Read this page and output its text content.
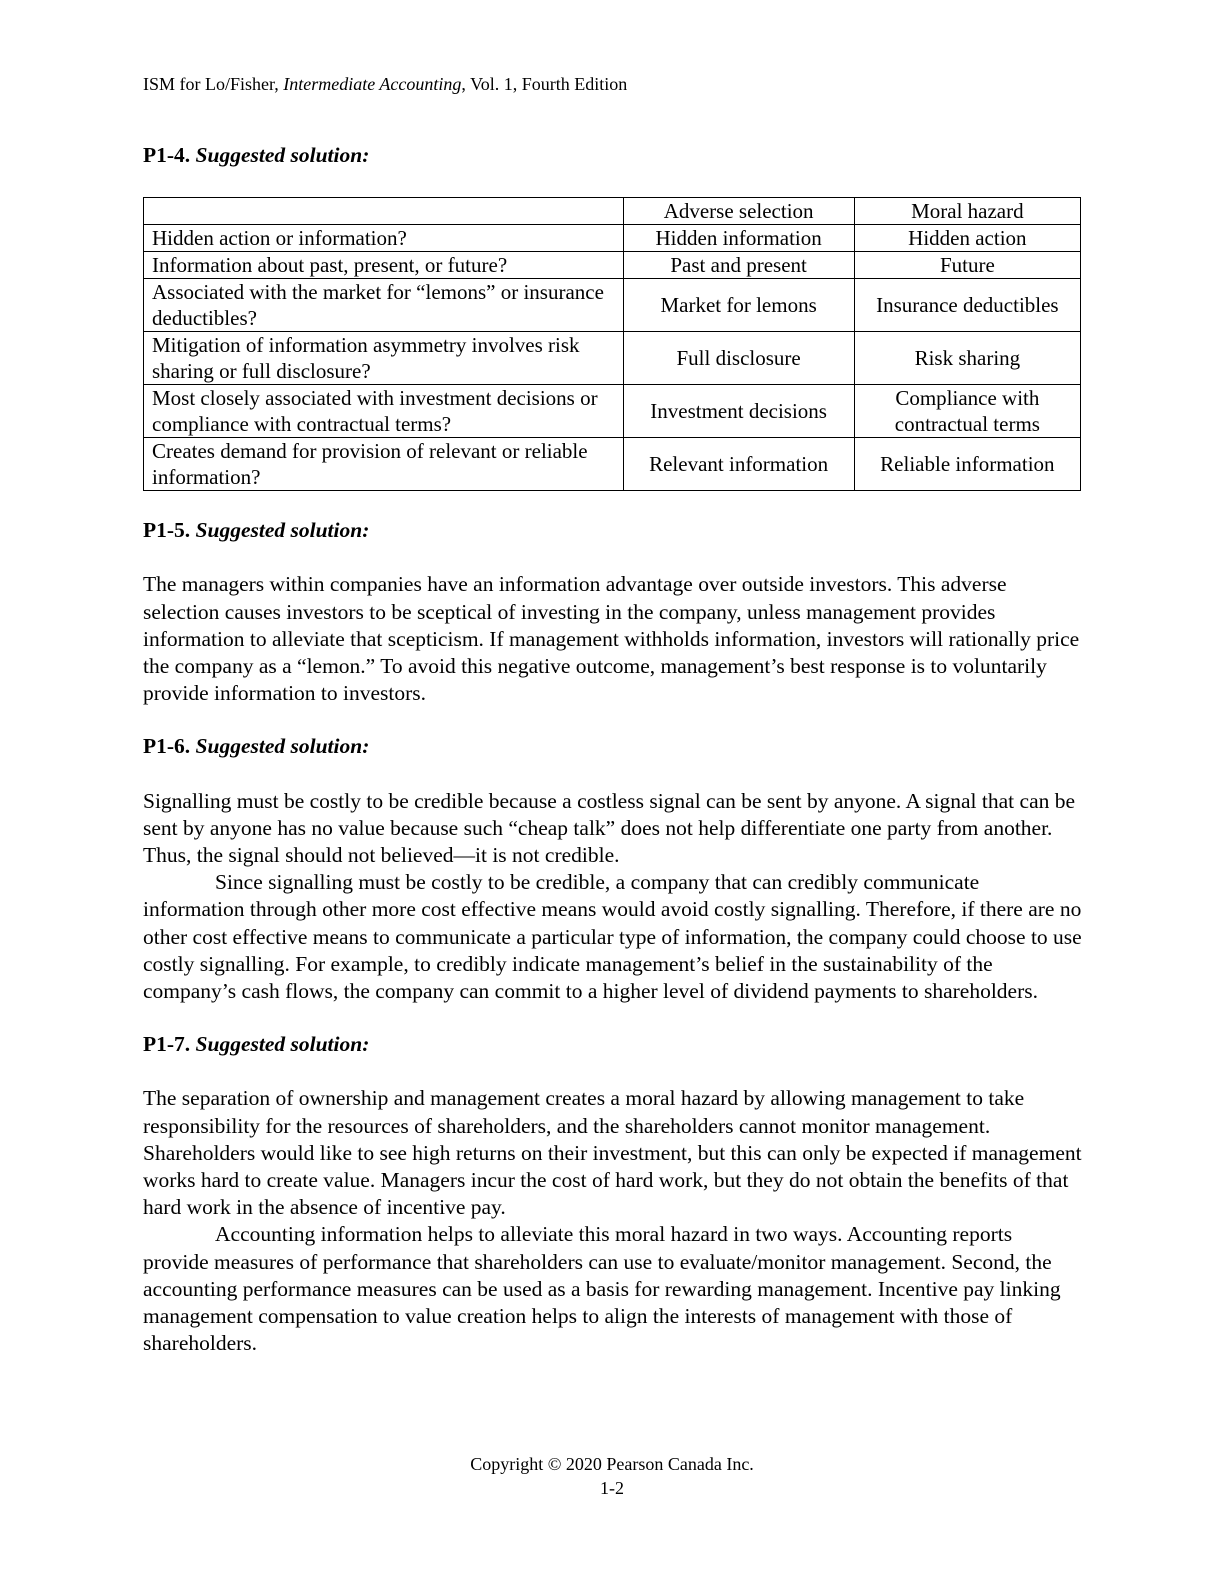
ISM for Lo/Fisher, Intermediate Accounting, Vol. 1, Fourth Edition

P1-4. Suggested solution:

	Adverse selection	Moral hazard
Hidden action or information?	Hidden information	Hidden action
Information about past, present, or future?	Past and present	Future
Associated with the market for “lemons” or insurance deductibles?	Market for lemons	Insurance deductibles
Mitigation of information asymmetry involves risk sharing or full disclosure?	Full disclosure	Risk sharing
Most closely associated with investment decisions or compliance with contractual terms?	Investment decisions	Compliance with contractual terms
Creates demand for provision of relevant or reliable information?	Relevant information	Reliable information

P1-5. Suggested solution:

The managers within companies have an information advantage over outside investors. This adverse selection causes investors to be sceptical of investing in the company, unless management provides information to alleviate that scepticism. If management withholds information, investors will rationally price the company as a “lemon.” To avoid this negative outcome, management’s best response is to voluntarily provide information to investors.

P1-6. Suggested solution:

Signalling must be costly to be credible because a costless signal can be sent by anyone. A signal that can be sent by anyone has no value because such “cheap talk” does not help differentiate one party from another. Thus, the signal should not believed—it is not credible.

Since signalling must be costly to be credible, a company that can credibly communicate information through other more cost effective means would avoid costly signalling. Therefore, if there are no other cost effective means to communicate a particular type of information, the company could choose to use costly signalling. For example, to credibly indicate management’s belief in the sustainability of the company’s cash flows, the company can commit to a higher level of dividend payments to shareholders.

P1-7. Suggested solution:

The separation of ownership and management creates a moral hazard by allowing management to take responsibility for the resources of shareholders, and the shareholders cannot monitor management. Shareholders would like to see high returns on their investment, but this can only be expected if management works hard to create value. Managers incur the cost of hard work, but they do not obtain the benefits of that hard work in the absence of incentive pay.

Accounting information helps to alleviate this moral hazard in two ways. Accounting reports provide measures of performance that shareholders can use to evaluate/monitor management. Second, the accounting performance measures can be used as a basis for rewarding management. Incentive pay linking management compensation to value creation helps to align the interests of management with those of shareholders.

Copyright © 2020 Pearson Canada Inc.
1-2
